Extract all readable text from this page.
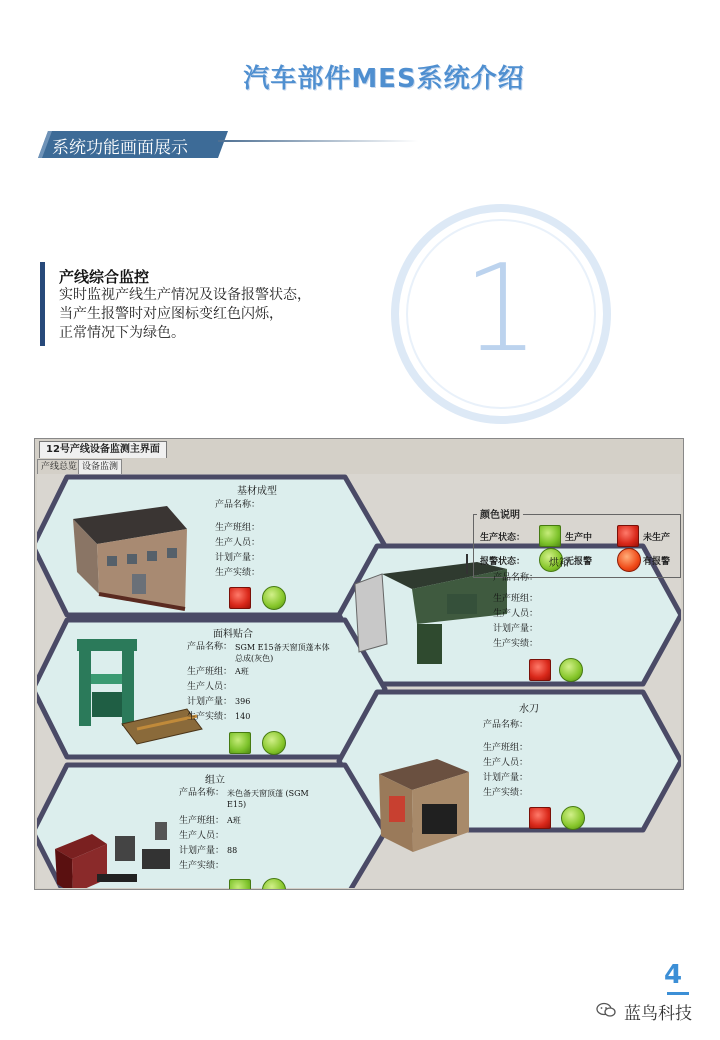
汽车部件MES系统介绍
系统功能画面展示
产线综合监控
实时监视产线生产情况及设备报警状态，
当产生报警时对应图标变红色闪烁，
正常情况下为绿色。	1
12号产线设备监测主界面
产线总览 设备监测
颜色说明
生产状态：	生产中	未生产
报警状态：	无报警	有报警
基材成型
产品名称：
生产班组：
生产人员：
计划产量：
生产实绩：
烘箱
产品名称：
生产班组：
生产人员：
计划产量：
生产实绩：
面料贴合
产品名称： SGM E15备天窗顶蓬本体总成(灰色)
生产班组： A班
生产人员：
计划产量： 396
生产实绩： 140
水刀
产品名称：
生产班组：
生产人员：
计划产量：
生产实绩：
组立
产品名称： 米色备天窗顶蓬 (SGM E15)
生产班组： A班
生产人员：
计划产量： 88
生产实绩：
4
蓝鸟科技
